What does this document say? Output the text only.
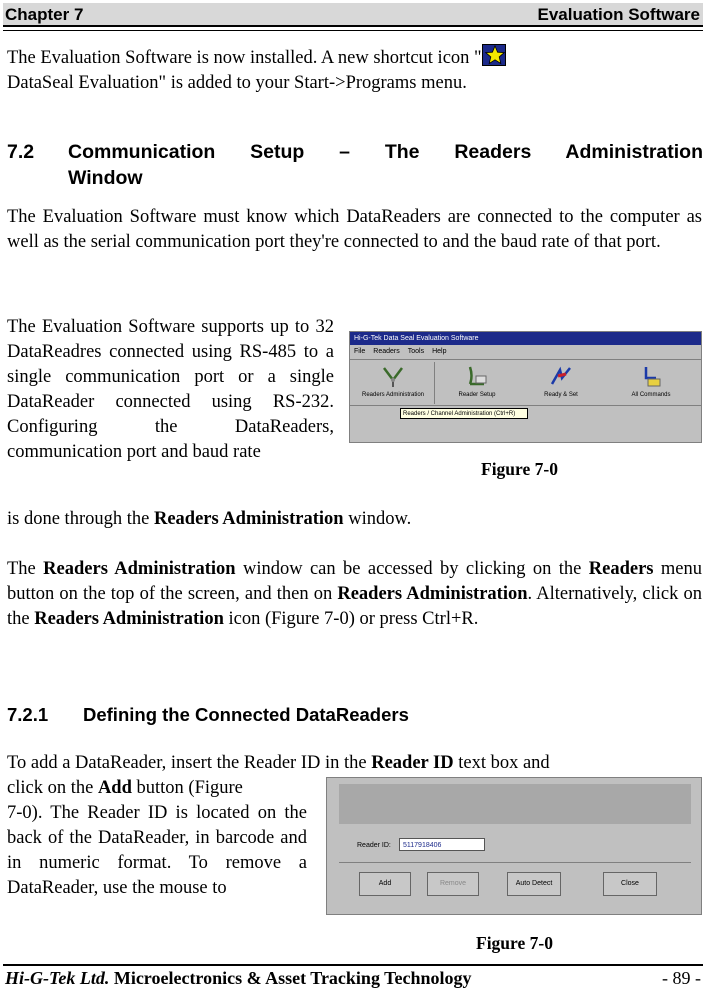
Chapter 7	Evaluation Software
The Evaluation Software is now installed. A new shortcut icon "

DataSeal Evaluation" is added to your Start->Programs menu.
7.2 Communication Setup – The Readers Administration
Window
The Evaluation Software must know which DataReaders are connected to the computer as well as the serial communication port they're connected to and the baud rate of that port.
The Evaluation Software supports up to 32 DataReadres connected using RS-485 to a single communication port or a single DataReader connected using RS-232. Configuring the DataReaders, communication port and baud rate
is done through the Readers Administration window.
Hi-G-Tek Data Seal Evaluation Software
File Readers Tools Help
Readers Administration	Reader Setup	Ready & Set	All Commands
Readers / Channel Administration (Ctrl+R)
Figure 7-0
The Readers Administration window can be accessed by clicking on the Readers menu button on the top of the screen, and then on Readers Administration. Alternatively, click on the Readers Administration icon (Figure 7-0) or press Ctrl+R.
7.2.1 Defining the Connected DataReaders
To add a DataReader, insert the Reader ID in the Reader ID text box and
click on the Add button (Figure
7-0). The Reader ID is located on the back of the DataReader, in barcode and in numeric format. To remove a DataReader, use the mouse to
Reader ID:	5117918406
Add	Remove	Auto Detect	Close
Figure 7-0
Hi-G-Tek Ltd. Microelectronics & Asset Tracking Technology	- 89 -
